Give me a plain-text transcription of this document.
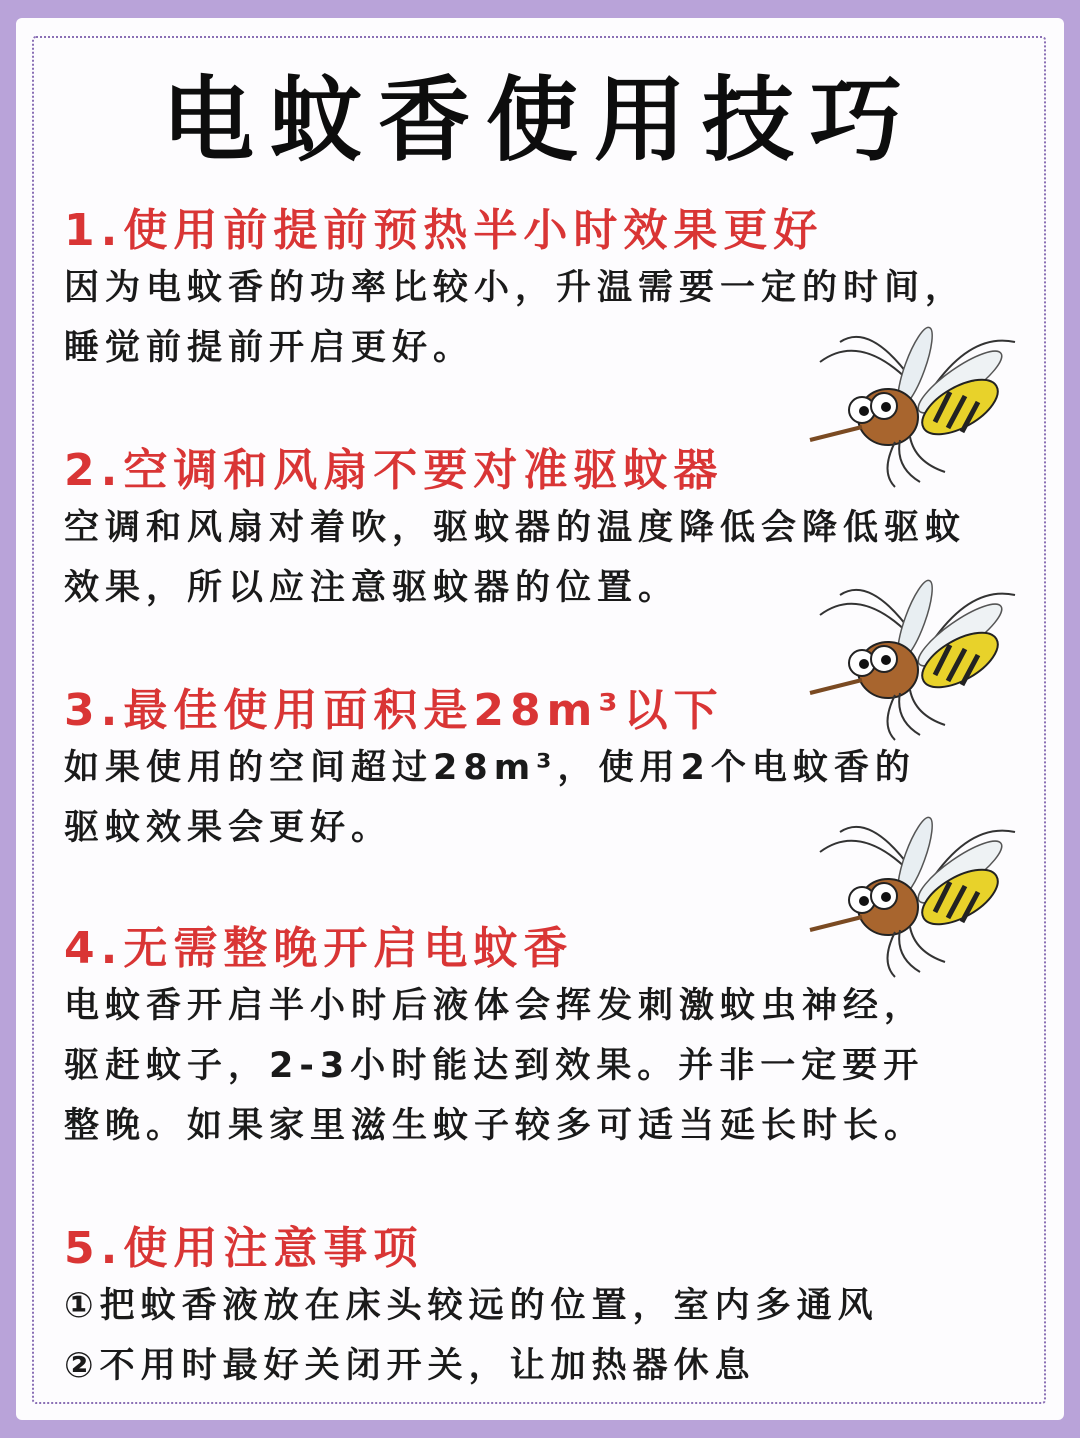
电蚊香使用技巧
1.使用前提前预热半小时效果更好
因为电蚊香的功率比较小，升温需要一定的时间，
睡觉前提前开启更好。
2.空调和风扇不要对准驱蚊器
空调和风扇对着吹，驱蚊器的温度降低会降低驱蚊
效果，所以应注意驱蚊器的位置。
3.最佳使用面积是28m³以下
如果使用的空间超过28m³，使用2个电蚊香的
驱蚊效果会更好。
4.无需整晚开启电蚊香
电蚊香开启半小时后液体会挥发刺激蚊虫神经，
驱赶蚊子，2-3小时能达到效果。并非一定要开
整晚。如果家里滋生蚊子较多可适当延长时长。
5.使用注意事项
①把蚊香液放在床头较远的位置，室内多通风
②不用时最好关闭开关，让加热器休息
